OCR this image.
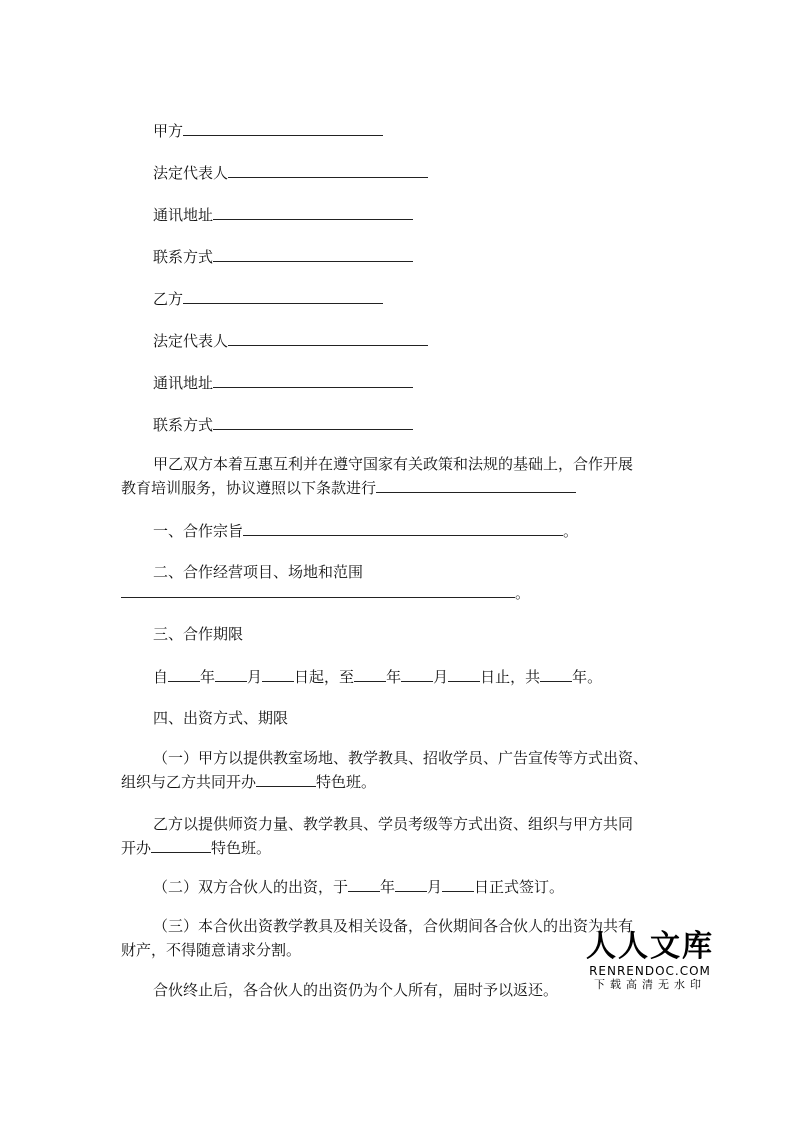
甲方
法定代表人
通讯地址
联系方式
乙方
法定代表人
通讯地址
联系方式
甲乙双方本着互惠互利并在遵守国家有关政策和法规的基础上，合作开展
教育培训服务，协议遵照以下条款进行
一、合作宗旨	。
二、合作经营项目、场地和范围
。
三、合作期限
自 年 月 日起，至 年 月 日止，共 年。
四、出资方式、期限
（一）甲方以提供教室场地、教学教具、招收学员、广告宣传等方式出资、
组织与乙方共同开办	特色班。
乙方以提供师资力量、教学教具、学员考级等方式出资、组织与甲方共同
开办	特色班。
（二）双方合伙人的出资，于 年 月 日正式签订。
（三）本合伙出资教学教具及相关设备，合伙期间各合伙人的出资为共有
财产，不得随意请求分割。
合伙终止后，各合伙人的出资仍为个人所有，届时予以返还。
人人文库
RENRENDOC.COM
下载高清无水印
